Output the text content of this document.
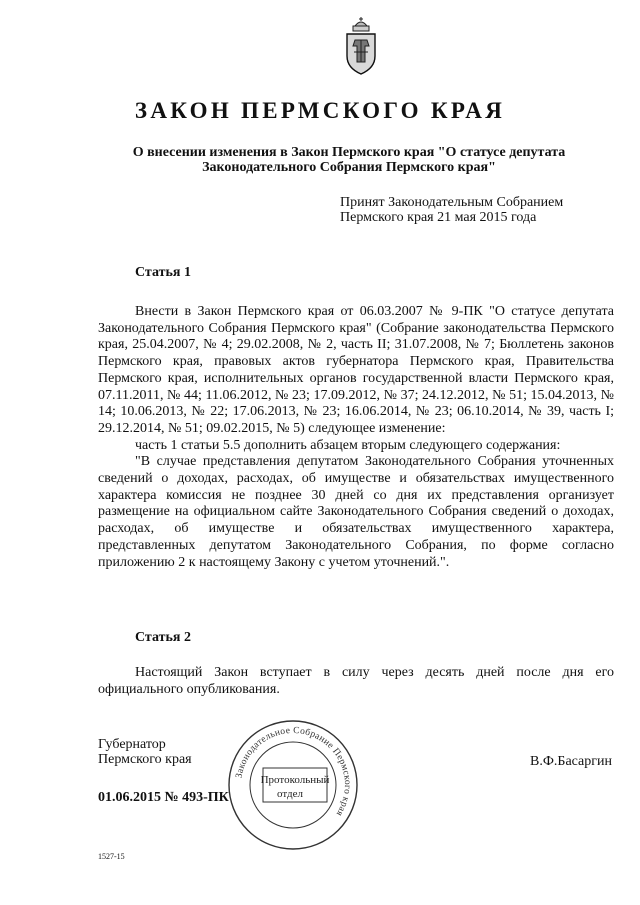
ЗАКОН ПЕРМСКОГО КРАЯ
О внесении изменения в Закон Пермского края "О статусе депутата Законодательного Собрания Пермского края"
Принят Законодательным Собранием
Пермского края 21 мая 2015 года
Статья 1

Внести в Закон Пермского края от 06.03.2007 № 9-ПК "О статусе депутата Законодательного Собрания Пермского края" (Собрание законодательства Пермского края, 25.04.2007, № 4; 29.02.2008, № 2, часть II; 31.07.2008, № 7; Бюллетень законов Пермского края, правовых актов губернатора Пермского края, Правительства Пермского края, исполнительных органов государственной власти Пермского края, 07.11.2011, № 44; 11.06.2012, № 23; 17.09.2012, № 37; 24.12.2012, № 51; 15.04.2013, № 14; 10.06.2013, № 22; 17.06.2013, № 23; 16.06.2014, № 23; 06.10.2014, № 39, часть I; 29.12.2014, № 51; 09.02.2015, № 5) следующее изменение:

часть 1 статьи 5.5 дополнить абзацем вторым следующего содержания:

"В случае представления депутатом Законодательного Собрания уточненных сведений о доходах, расходах, об имуществе и обязательствах имущественного характера комиссия не позднее 30 дней со дня их представления организует размещение на официальном сайте Законодательного Собрания сведений о доходах, расходах, об имуществе и обязательствах имущественного характера, представленных депутатом Законодательного Собрания, по форме согласно приложению 2 к настоящему Закону с учетом уточнений.".

Статья 2

Настоящий Закон вступает в силу через десять дней после дня его официального опубликования.

Губернатор
Пермского края	В.Ф.Басаргин
01.06.2015 № 493-ПК
Законодательное Собрание Пермского края
Протокольный
отдел
1527-15
